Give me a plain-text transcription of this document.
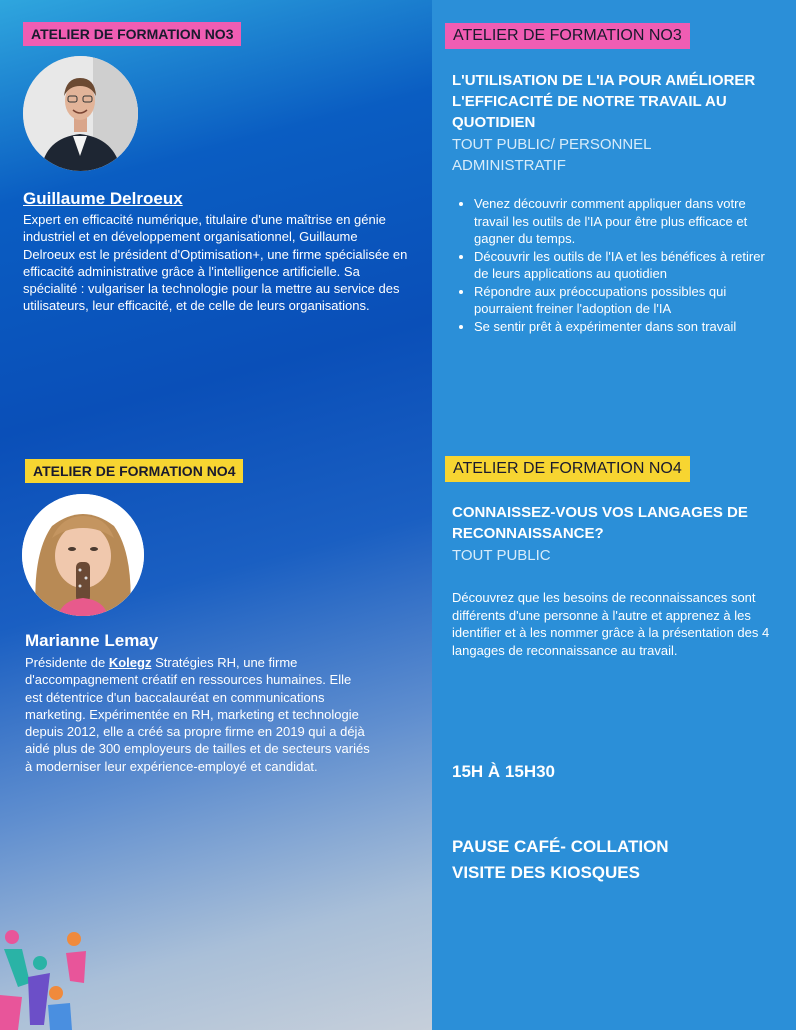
ATELIER DE FORMATION NO3
Guillaume Delroeux
Expert en efficacité numérique, titulaire d'une maîtrise en génie industriel et en développement organisationnel, Guillaume Delroeux est le président d'Optimisation+, une firme spécialisée en efficacité administrative grâce à l'intelligence artificielle. Sa spécialité : vulgariser la technologie pour la mettre au service des utilisateurs, leur efficacité, et de celle de leurs organisations.
ATELIER DE FORMATION NO4
Marianne Lemay
Présidente de Kolegz Stratégies RH, une firme d'accompagnement créatif en ressources humaines. Elle est détentrice d'un baccalauréat en communications marketing. Expérimentée en RH, marketing et technologie depuis 2012, elle a créé sa propre firme en 2019 qui a déjà aidé plus de 300 employeurs de tailles et de secteurs variés à moderniser leur expérience-employé et candidat.
ATELIER DE FORMATION NO3
L'UTILISATION DE L'IA POUR AMÉLIORER L'EFFICACITÉ DE NOTRE TRAVAIL AU QUOTIDIEN
TOUT PUBLIC/ PERSONNEL ADMINISTRATIF
• Venez découvrir comment appliquer dans votre travail les outils de l'IA pour être plus efficace et gagner du temps.
• Découvrir les outils de l'IA et les bénéfices à retirer de leurs applications au quotidien
• Répondre aux préoccupations possibles qui pourraient freiner l'adoption de l'IA
• Se sentir prêt à expérimenter dans son travail
ATELIER DE FORMATION NO4
CONNAISSEZ-VOUS VOS LANGAGES DE RECONNAISSANCE?
TOUT PUBLIC
Découvrez que les besoins de reconnaissances sont différents d'une personne à l'autre et apprenez à les identifier et à les nommer grâce à la présentation des 4 langages de reconnaissance au travail.
15H À 15H30
PAUSE CAFÉ- COLLATION
VISITE DES KIOSQUES
